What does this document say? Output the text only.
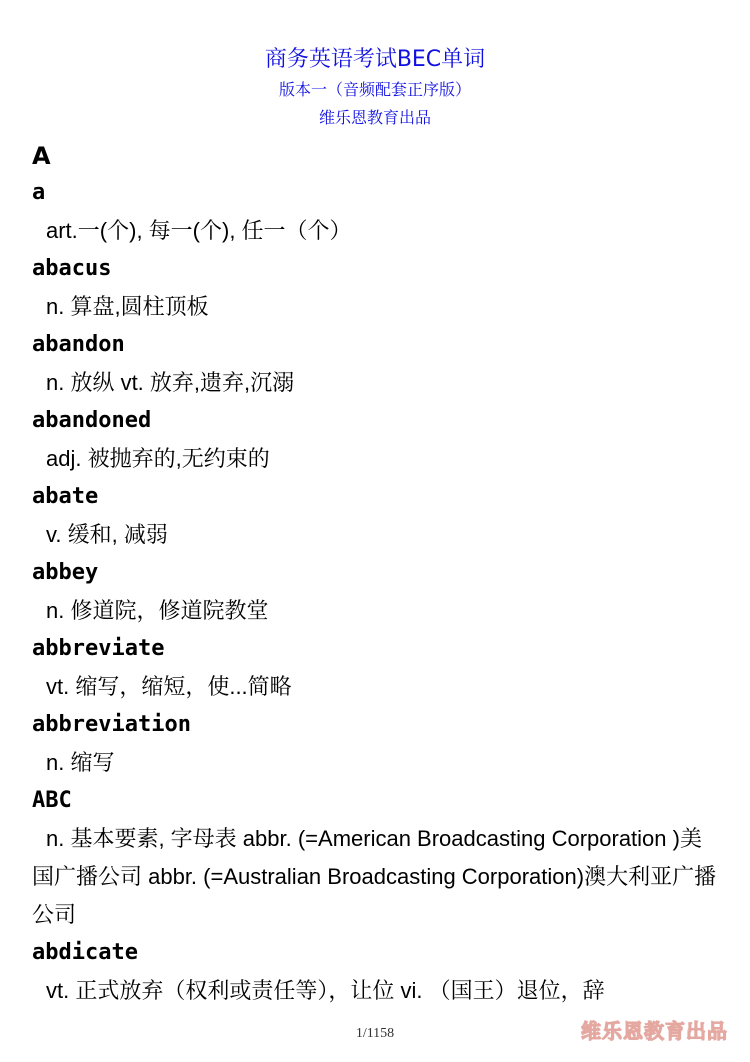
商务英语考试BEC单词
版本一（音频配套正序版）
维乐恩教育出品
A
a
art.一(个), 每一(个), 任一（个）
abacus
n. 算盘,圆柱顶板
abandon
n. 放纵 vt. 放弃,遗弃,沉溺
abandoned
adj. 被抛弃的,无约束的
abate
v. 缓和, 减弱
abbey
n. 修道院，修道院教堂
abbreviate
vt. 缩写，缩短，使...简略
abbreviation
n. 缩写
ABC
n. 基本要素, 字母表 abbr. (=American Broadcasting Corporation )美国广播公司 abbr. (=Australian Broadcasting Corporation)澳大利亚广播公司
abdicate
vt. 正式放弃（权利或责任等），让位 vi. （国王）退位，辞
1/1158	维乐恩教育出品
